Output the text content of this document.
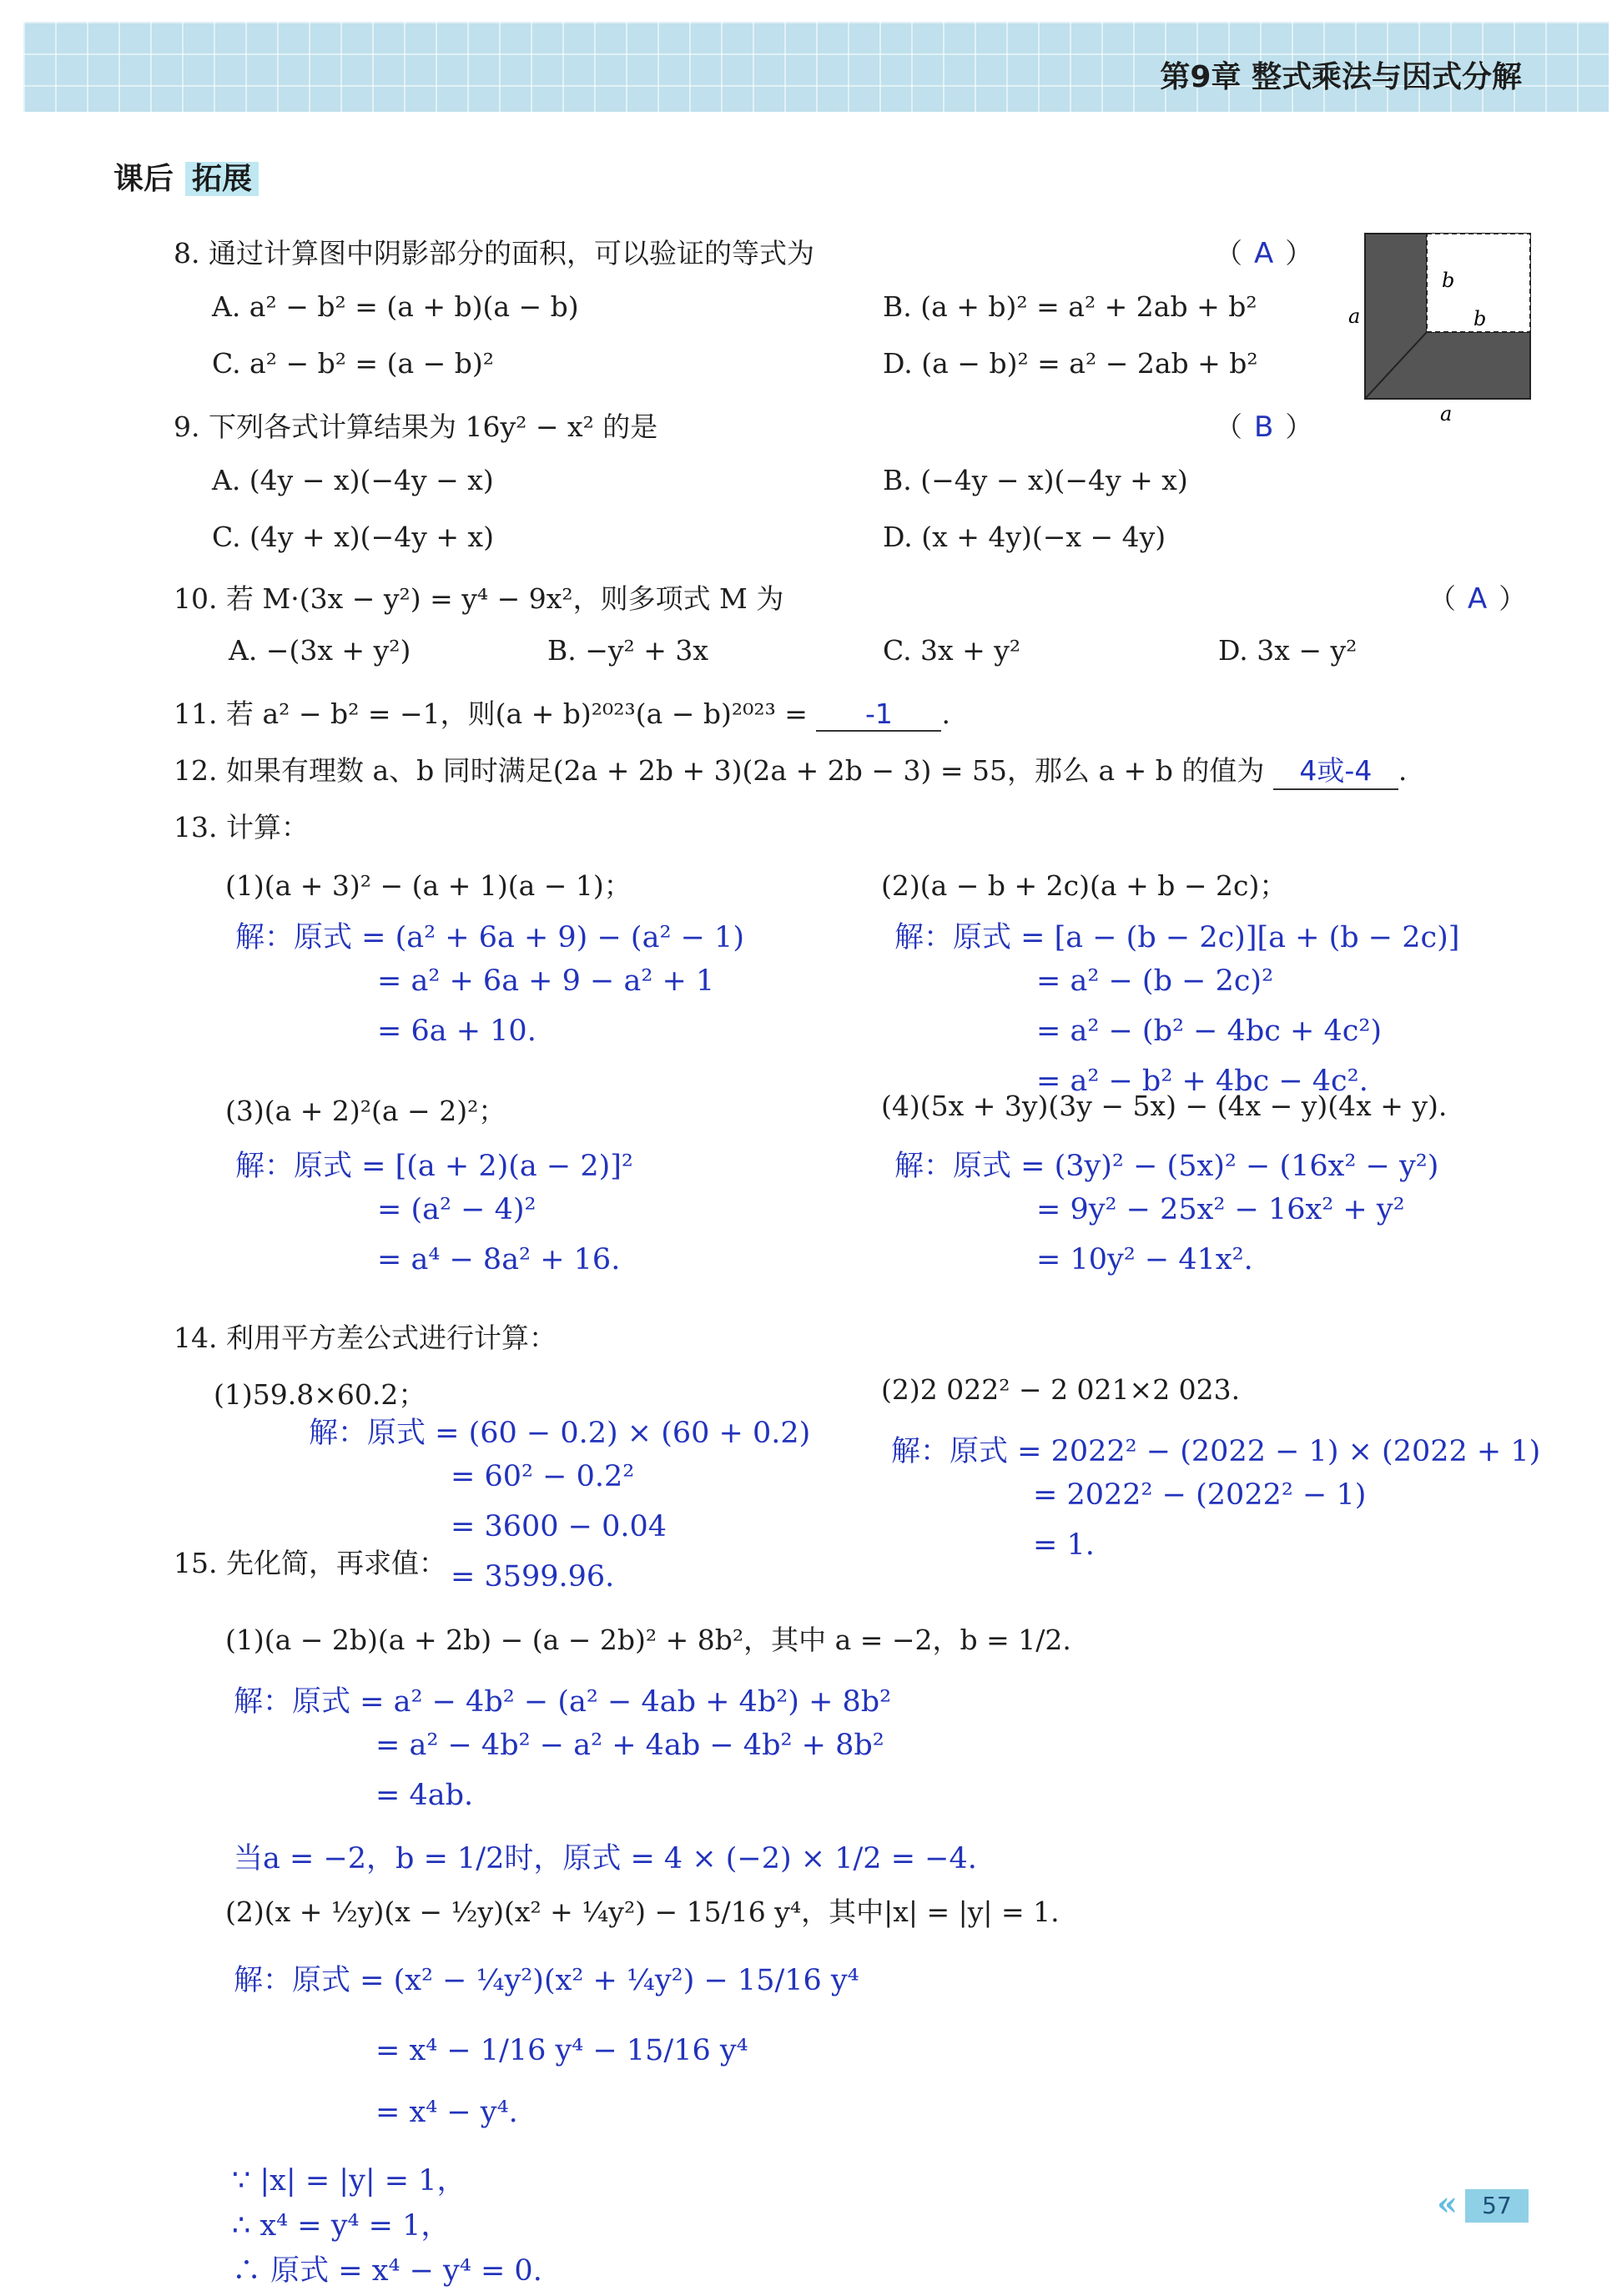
第9章 整式乘法与因式分解
课后 拓展
8. 通过计算图中阴影部分的面积，可以验证的等式为	（ A ）
A. a² − b² = (a + b)(a − b)	B. (a + b)² = a² + 2ab + b²
C. a² − b² = (a − b)²	D. (a − b)² = a² − 2ab + b²
a
b
b
a
9. 下列各式计算结果为 16y² − x² 的是	（ B ）
A. (4y − x)(−4y − x)	B. (−4y − x)(−4y + x)
C. (4y + x)(−4y + x)	D. (x + 4y)(−x − 4y)
10. 若 M·(3x − y²) = y⁴ − 9x²，则多项式 M 为	（ A ）
A. −(3x + y²)	B. −y² + 3x	C. 3x + y²	D. 3x − y²
11. 若 a² − b² = −1，则(a + b)²⁰²³(a − b)²⁰²³ = -1 .
12. 如果有理数 a、b 同时满足(2a + 2b + 3)(2a + 2b − 3) = 55，那么 a + b 的值为 4或-4 .
13. 计算：
(1)(a + 3)² − (a + 1)(a − 1)；
解：原式 = (a² + 6a + 9) − (a² − 1)
= a² + 6a + 9 − a² + 1
= 6a + 10.
(2)(a − b + 2c)(a + b − 2c)；
解：原式 = [a − (b − 2c)][a + (b − 2c)]
= a² − (b − 2c)²
= a² − (b² − 4bc + 4c²)
= a² − b² + 4bc − 4c².
(3)(a + 2)²(a − 2)²；
解：原式 = [(a + 2)(a − 2)]²
= (a² − 4)²
= a⁴ − 8a² + 16.
(4)(5x + 3y)(3y − 5x) − (4x − y)(4x + y).
解：原式 = (3y)² − (5x)² − (16x² − y²)
= 9y² − 25x² − 16x² + y²
= 10y² − 41x².
14. 利用平方差公式进行计算：
(1)59.8×60.2；
解：原式 = (60 − 0.2) × (60 + 0.2)
= 60² − 0.2²
= 3600 − 0.04
= 3599.96.
(2)2 022² − 2 021×2 023.
解：原式 = 2022² − (2022 − 1) × (2022 + 1)
= 2022² − (2022² − 1)
= 1.
15. 先化简，再求值：
(1)(a − 2b)(a + 2b) − (a − 2b)² + 8b²，其中 a = −2，b = 1/2.
解：原式 = a² − 4b² − (a² − 4ab + 4b²) + 8b²
= a² − 4b² − a² + 4ab − 4b² + 8b²
= 4ab.
当a = −2，b = 1/2时，原式 = 4 × (−2) × 1/2 = −4.
(2)(x + ½y)(x − ½y)(x² + ¼y²) − 15/16 y⁴，其中|x| = |y| = 1.
解：原式 = (x² − ¼y²)(x² + ¼y²) − 15/16 y⁴
= x⁴ − 1/16 y⁴ − 15/16 y⁴
= x⁴ − y⁴.
∵ |x| = |y| = 1，
∴ x⁴ = y⁴ = 1，
∴ 原式 = x⁴ − y⁴ = 0.
«	57
